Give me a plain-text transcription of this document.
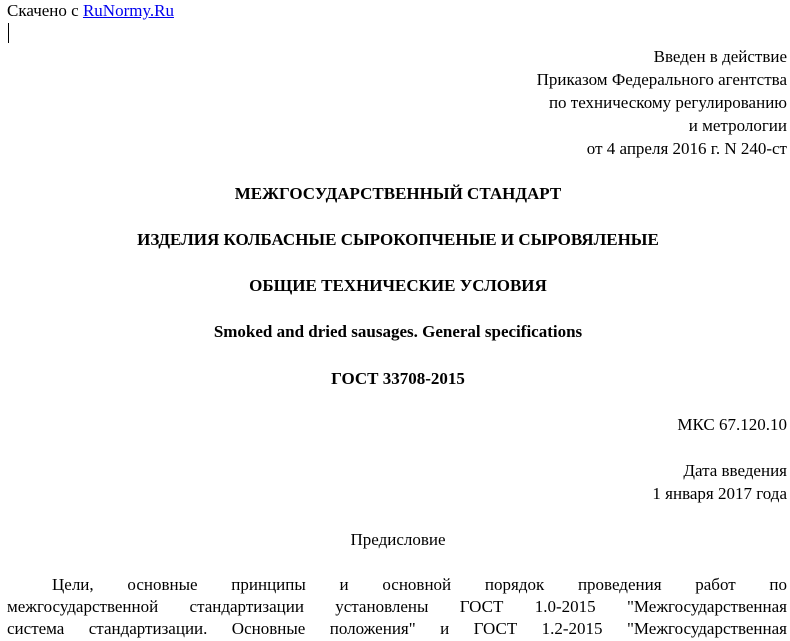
Скачено с RuNormy.Ru
Введен в действие
Приказом Федерального агентства
по техническому регулированию
и метрологии
от 4 апреля 2016 г. N 240-ст
МЕЖГОСУДАРСТВЕННЫЙ СТАНДАРТ
ИЗДЕЛИЯ КОЛБАСНЫЕ СЫРОКОПЧЕНЫЕ И СЫРОВЯЛЕНЫЕ
ОБЩИЕ ТЕХНИЧЕСКИЕ УСЛОВИЯ
Smoked and dried sausages. General specifications
ГОСТ 33708-2015
МКС 67.120.10
Дата введения
1 января 2017 года
Предисловие
Цели, основные принципы и основной порядок проведения работ по
межгосударственной стандартизации установлены ГОСТ 1.0-2015 "Межгосударственная
система стандартизации. Основные положения" и ГОСТ 1.2-2015 "Межгосударственная
